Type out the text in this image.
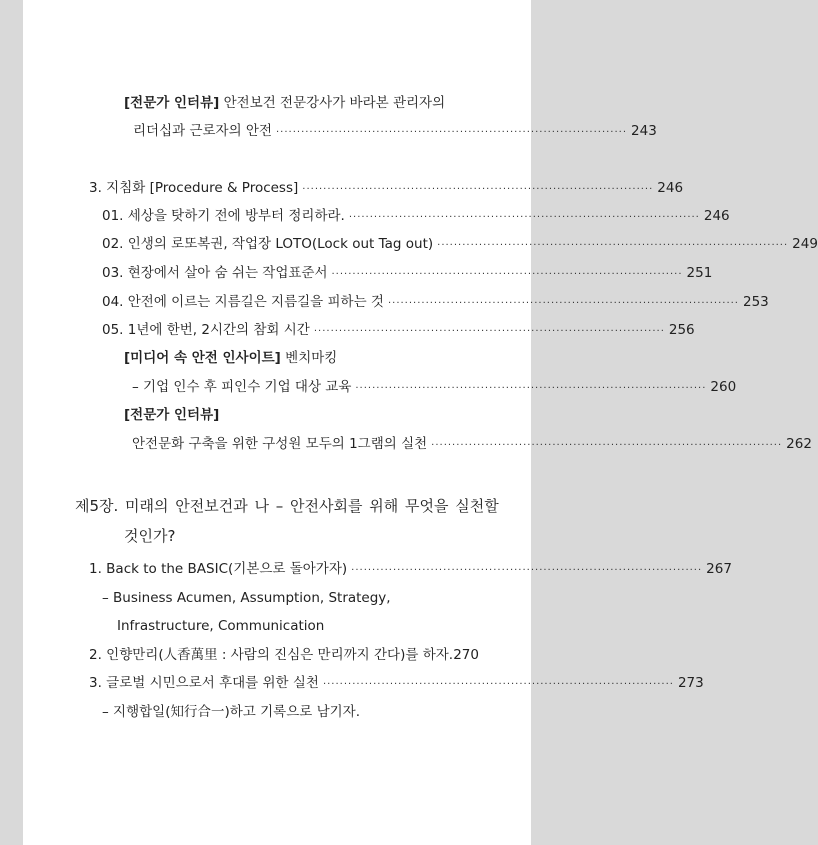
[전문가 인터뷰] 안전보건 전문강사가 바라본 관리자의
리더십과 근로자의 안전 ···················································································· 243
3. 지침화 [Procedure & Process] ···················································································· 246
01. 세상을 탓하기 전에 방부터 정리하라. ···················································································· 246
02. 인생의 로또복권, 작업장 LOTO(Lock out Tag out) ···················································································· 249
03. 현장에서 살아 숨 쉬는 작업표준서 ···················································································· 251
04. 안전에 이르는 지름길은 지름길을 피하는 것 ···················································································· 253
05. 1년에 한번, 2시간의 참회 시간 ···················································································· 256
[미디어 속 안전 인사이트] 벤치마킹
– 기업 인수 후 피인수 기업 대상 교육 ···················································································· 260
[전문가 인터뷰]
안전문화 구축을 위한 구성원 모두의 1그램의 실천 ···················································································· 262
제5장. 미래의 안전보건과 나 – 안전사회를 위해 무엇을 실천할
것인가?
1. Back to the BASIC(기본으로 돌아가자) ···················································································· 267
– Business Acumen, Assumption, Strategy,
Infrastructure, Communication
2. 인향만리(人香萬里 : 사람의 진심은 만리까지 간다)를 하자. 270
3. 글로벌 시민으로서 후대를 위한 실천 ···················································································· 273
– 지행합일(知行合一)하고 기록으로 남기자.
